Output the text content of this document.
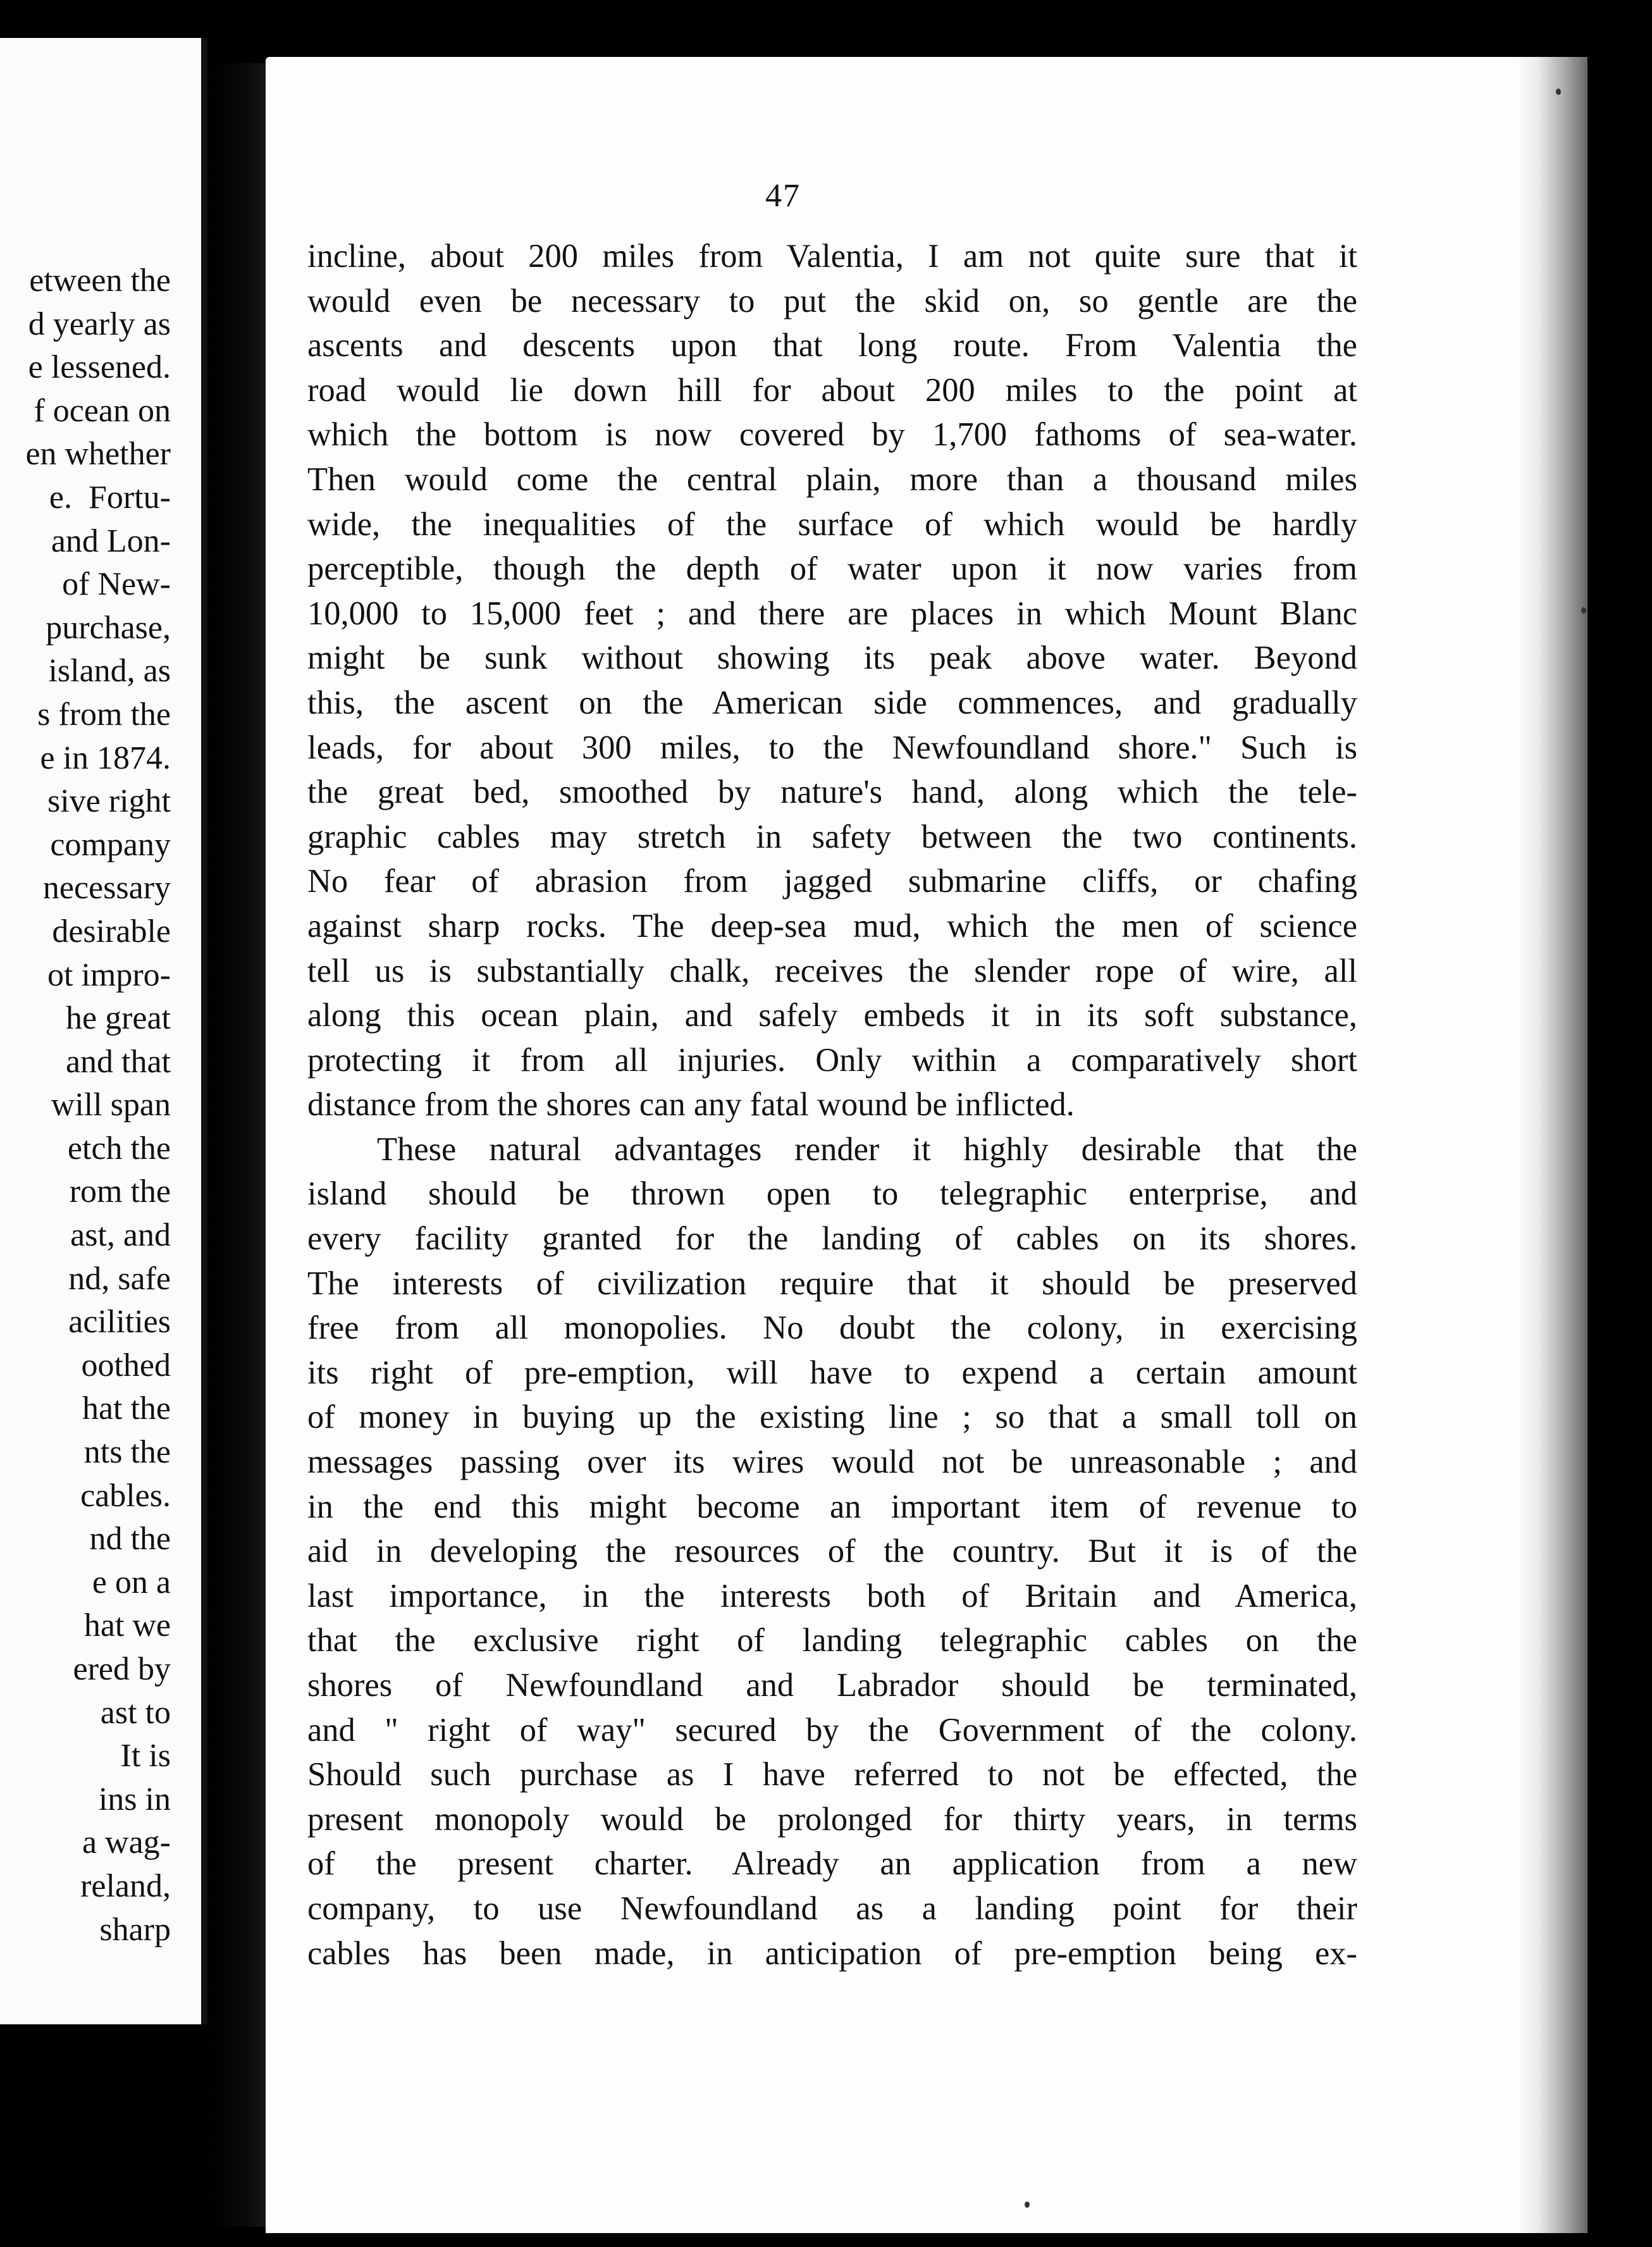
etween the
d yearly as
e lessened.
f ocean on
en whether
e.  Fortu-
and Lon-
of New-
purchase,
island, as
s from the
e in 1874.
sive right
company
necessary
desirable
ot impro-
he great
and that
will span
etch the
rom the
ast, and
nd, safe
acilities
oothed
hat the
nts the
cables.
nd the
e on a
hat we
ered by
ast to
It is
ins in
a wag-
reland,
sharp
47
incline, about 200 miles from Valentia, I am not quite sure that it
would even be necessary to put the skid on, so gentle are the
ascents and descents upon that long route. From Valentia the
road would lie down hill for about 200 miles to the point at
which the bottom is now covered by 1,700 fathoms of sea-water.
Then would come the central plain, more than a thousand miles
wide, the inequalities of the surface of which would be hardly
perceptible, though the depth of water upon it now varies from
10,000 to 15,000 feet ; and there are places in which Mount Blanc
might be sunk without showing its peak above water. Beyond
this, the ascent on the American side commences, and gradually
leads, for about 300 miles, to the Newfoundland shore." Such is
the great bed, smoothed by nature's hand, along which the tele-
graphic cables may stretch in safety between the two continents.
No fear of abrasion from jagged submarine cliffs, or chafing
against sharp rocks. The deep-sea mud, which the men of science
tell us is substantially chalk, receives the slender rope of wire, all
along this ocean plain, and safely embeds it in its soft substance,
protecting it from all injuries. Only within a comparatively short
distance from the shores can any fatal wound be inflicted.
These natural advantages render it highly desirable that the
island should be thrown open to telegraphic enterprise, and
every facility granted for the landing of cables on its shores.
The interests of civilization require that it should be preserved
free from all monopolies. No doubt the colony, in exercising
its right of pre-emption, will have to expend a certain amount
of money in buying up the existing line ; so that a small toll on
messages passing over its wires would not be unreasonable ; and
in the end this might become an important item of revenue to
aid in developing the resources of the country. But it is of the
last importance, in the interests both of Britain and America,
that the exclusive right of landing telegraphic cables on the
shores of Newfoundland and Labrador should be terminated,
and " right of way" secured by the Government of the colony.
Should such purchase as I have referred to not be effected, the
present monopoly would be prolonged for thirty years, in terms
of the present charter. Already an application from a new
company, to use Newfoundland as a landing point for their
cables has been made, in anticipation of pre-emption being ex-
